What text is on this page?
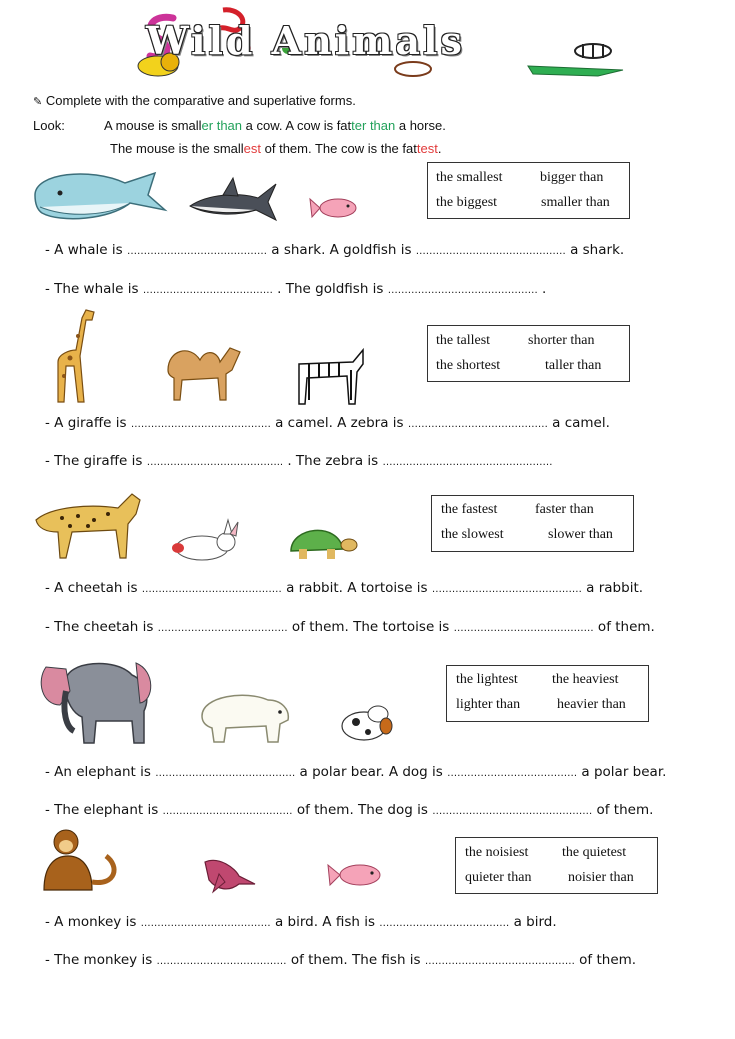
Wild Animals
✎ Complete with the comparative and superlative forms.
Look:	A mouse is smaller than a cow. A cow is fatter than a horse.
The mouse is the smallest of them. The cow is the fattest.
the smallest	bigger than
the biggest	smaller than
- A whale is …………………………………… a shark. A goldfish is ……………………………………… a shark.
- The whale is ………………………………… . The goldfish is ……………………………………… .
the tallest	shorter than
the shortest	taller than
- A giraffe is …………………………………… a camel. A zebra is …………………………………… a camel.
- The giraffe is ………………………………….. . The zebra is ……………………………………………
the fastest	faster than
the slowest	slower than
- A cheetah is …………………………………… a rabbit. A tortoise is ……………………………………… a rabbit.
- The cheetah is ………………………………… of them. The tortoise is …………………………………… of them.
the lightest the heaviest
lighter than	heavier than
- An elephant is …………………………………… a polar bear. A dog is ………………………………… a polar bear.
- The elephant is ………………………………… of them. The dog is ………………………………………… of them.
the noisiest the quietest
quieter than	noisier than
- A monkey is ………………………………… a bird. A fish is ………………………………… a bird.
- The monkey is ………………………………… of them. The fish is ……………………………………… of them.
